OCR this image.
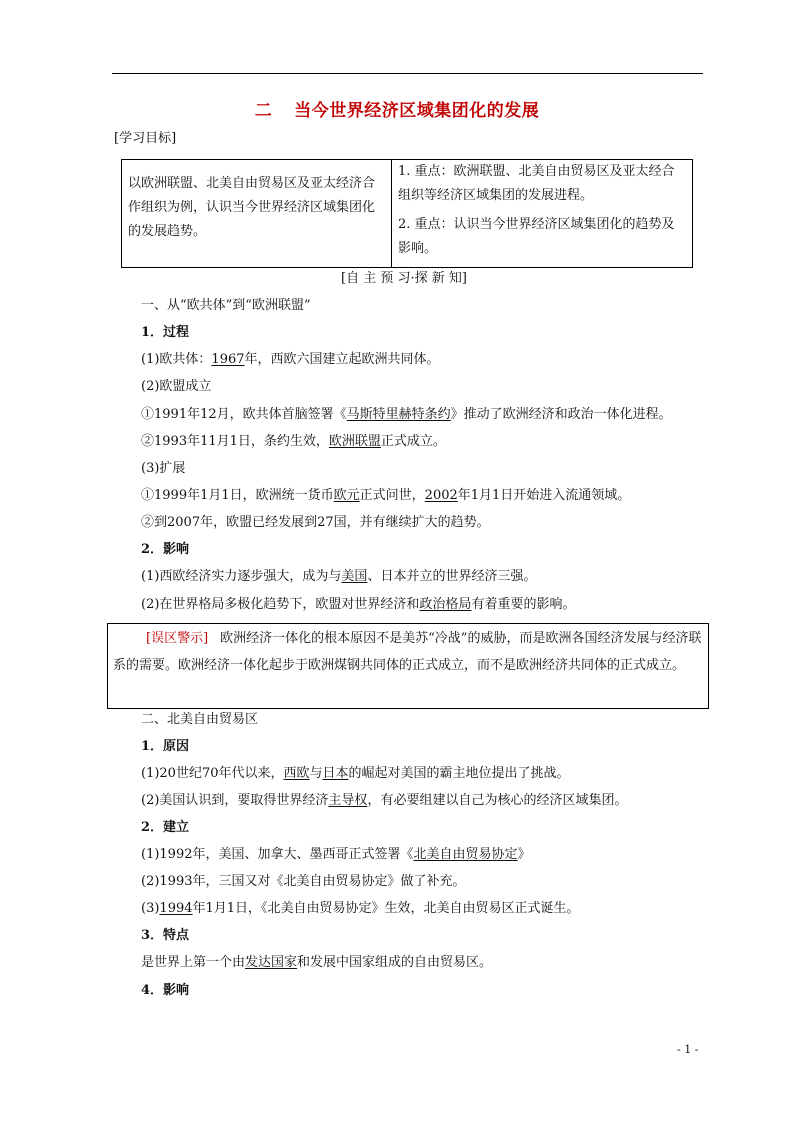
二 当今世界经济区域集团化的发展
[学习目标]
以欧洲联盟、北美自由贸易区及亚太经济合作组织为例，认识当今世界经济区域集团化的发展趋势。
1. 重点：欧洲联盟、北美自由贸易区及亚太经合组织等经济区域集团的发展进程。
2. 重点：认识当今世界经济区域集团化的趋势及影响。
[自 主 预 习·探 新 知]
一、从“欧共体”到“欧洲联盟”
1．过程
(1)欧共体：1967年，西欧六国建立起欧洲共同体。
(2)欧盟成立
①1991年12月，欧共体首脑签署《马斯特里赫特条约》推动了欧洲经济和政治一体化进程。
②1993年11月1日，条约生效，欧洲联盟正式成立。
(3)扩展
①1999年1月1日，欧洲统一货币欧元正式问世，2002年1月1日开始进入流通领域。
②到2007年，欧盟已经发展到27国，并有继续扩大的趋势。
2．影响
(1)西欧经济实力逐步强大，成为与美国、日本并立的世界经济三强。
(2)在世界格局多极化趋势下，欧盟对世界经济和政治格局有着重要的影响。
[误区警示] 欧洲经济一体化的根本原因不是美苏“冷战”的威胁，而是欧洲各国经济发展与经济联系的需要。欧洲经济一体化起步于欧洲煤钢共同体的正式成立，而不是欧洲经济共同体的正式成立。
二、北美自由贸易区
1．原因
(1)20世纪70年代以来，西欧与日本的崛起对美国的霸主地位提出了挑战。
(2)美国认识到，要取得世界经济主导权，有必要组建以自己为核心的经济区域集团。
2．建立
(1)1992年，美国、加拿大、墨西哥正式签署《北美自由贸易协定》
(2)1993年，三国又对《北美自由贸易协定》做了补充。
(3)1994年1月1日，《北美自由贸易协定》生效，北美自由贸易区正式诞生。
3．特点
是世界上第一个由发达国家和发展中国家组成的自由贸易区。
4．影响
- 1 -
